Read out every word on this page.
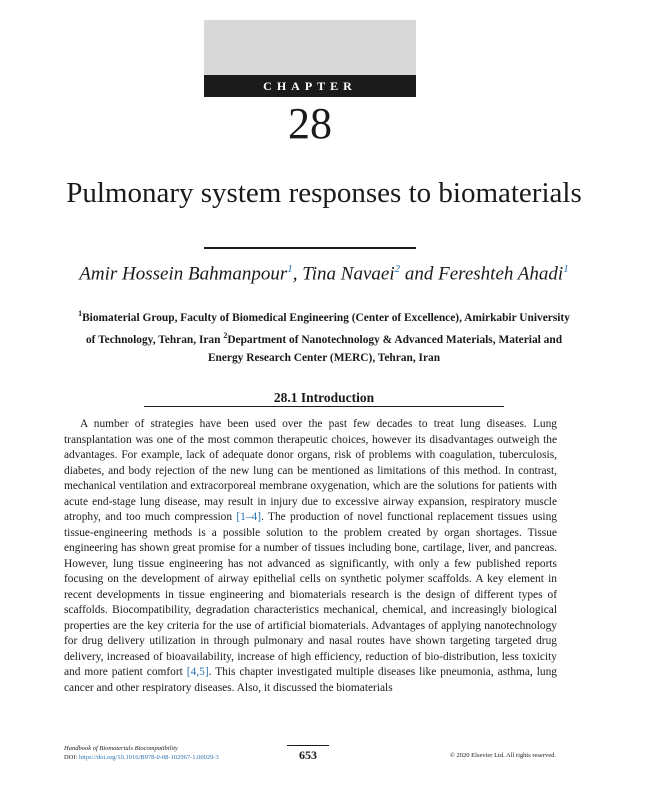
CHAPTER
28
Pulmonary system responses to biomaterials
Amir Hossein Bahmanpour$^1$, Tina Navaei$^2$ and Fereshteh Ahadi$^1$
$^1$Biomaterial Group, Faculty of Biomedical Engineering (Center of Excellence), Amirkabir University of Technology, Tehran, Iran $^2$Department of Nanotechnology & Advanced Materials, Material and Energy Research Center (MERC), Tehran, Iran
28.1 Introduction

A number of strategies have been used over the past few decades to treat lung diseases. Lung transplantation was one of the most common therapeutic choices, however its disadvantages outweigh the advantages. For example, lack of adequate donor organs, risk of problems with coagulation, tuberculosis, diabetes, and body rejection of the new lung can be mentioned as limitations of this method. In contrast, mechanical ventilation and extracorporeal membrane oxygenation, which are the solutions for patients with acute end-stage lung disease, may result in injury due to excessive airway expansion, respiratory muscle atrophy, and too much compression [1–4]. The production of novel functional replacement tissues using tissue-engineering methods is a possible solution to the problem created by organ shortages. Tissue engineering has shown great promise for a number of tissues including bone, cartilage, liver, and pancreas. However, lung tissue engineering has not advanced as significantly, with only a few published reports focusing on the development of airway epithelial cells on synthetic polymer scaffolds. A key element in recent developments in tissue engineering and biomaterials research is the design of different types of scaffolds. Biocompatibility, degradation characteristics mechanical, chemical, and increasingly biological properties are the key criteria for the use of artificial biomaterials. Advantages of applying nanotechnology for drug delivery utilization in through pulmonary and nasal routes have shown targeting targeted drug delivery, increased of bioavailability, increase of high efficiency, reduction of bio-distribution, less toxicity and more patient comfort [4,5]. This chapter investigated multiple diseases like pneumonia, asthma, lung cancer and other respiratory diseases. Also, it discussed the biomaterials

Handbook of Biomaterials Biocompatibility
DOI: https://doi.org/10.1016/B978-0-08-102967-1.00029-3	653	© 2020 Elsevier Ltd. All rights reserved.
